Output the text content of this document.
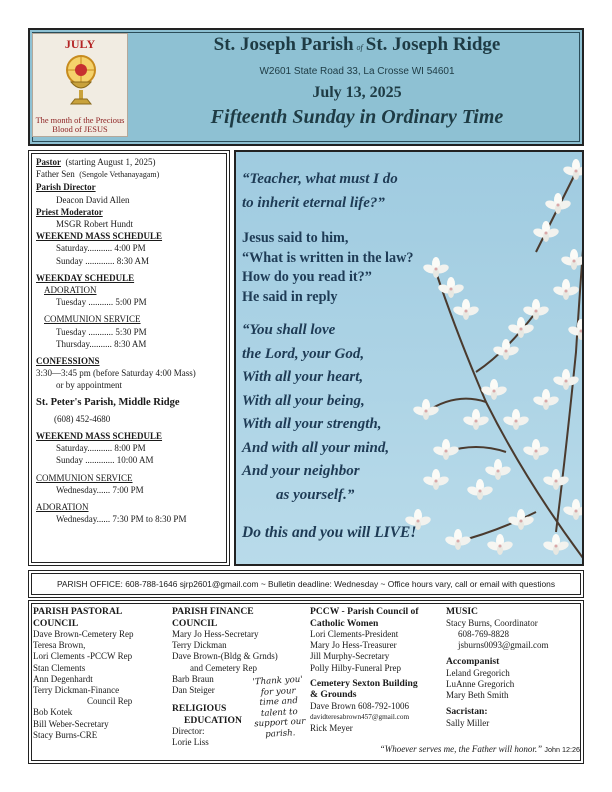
JULY
The month of the Precious Blood of JESUS
St. Joseph Parish of St. Joseph Ridge
W2601 State Road 33, La Crosse WI 54601
July 13, 2025
Fifteenth Sunday in Ordinary Time
Pastor (starting August 1, 2025)
Father Sen (Sengole Vethanayagam)
Parish Director
Deacon David Allen
Priest Moderator
MSGR Robert Hundt
WEEKEND MASS SCHEDULE
Saturday........... 4:00 PM
Sunday ............. 8:30 AM
WEEKDAY SCHEDULE
ADORATION
Tuesday ........... 5:00 PM
COMMUNION SERVICE
Tuesday ........... 5:30 PM
Thursday.......... 8:30 AM
CONFESSIONS
3:30—3:45 pm (before Saturday 4:00 Mass)
or by appointment
St. Peter's Parish, Middle Ridge
(608) 452-4680
WEEKEND MASS SCHEDULE
Saturday........... 8:00 PM
Sunday ............. 10:00 AM
COMMUNION SERVICE
Wednesday...... 7:00 PM
ADORATION
Wednesday...... 7:30 PM to 8:30 PM
“Teacher, what must I do
to inherit eternal life?”
Jesus said to him,
“What is written in the law?
How do you read it?”
He said in reply
“You shall love
the Lord, your God,
With all your heart,
With all your being,
With all your strength,
And with all your mind,
And your neighbor
as yourself.”
Do this and you will LIVE!
PARISH OFFICE: 608-788-1646 sjrp2601@gmail.com ~ Bulletin deadline: Wednesday ~ Office hours vary, call or email with questions
PARISH PASTORAL
COUNCIL
Dave Brown-Cemetery Rep
Teresa Brown,
Lori Clements -PCCW Rep
Stan Clements
Ann Degenhardt
Terry Dickman-Finance
Council Rep
Bob Kotek
Bill Weber-Secretary
Stacy Burns-CRE
PARISH FINANCE
COUNCIL
Mary Jo Hess-Secretary
Terry Dickman
Dave Brown-(Bldg & Grnds)
and Cemetery Rep
Barb Braun
Dan Steiger
RELIGIOUS
EDUCATION
Director:
Lorie Liss
'Thank you'
for your
time and
talent to
support our
parish.
PCCW - Parish Council of
Catholic Women
Lori Clements-President
Mary Jo Hess-Treasurer
Jill Murphy-Secretary
Polly Hilby-Funeral Prep
Cemetery Sexton Building
& Grounds
Dave Brown 608-792-1006
davidteresabrown457@gmail.com
Rick Meyer
MUSIC
Stacy Burns, Coordinator
608-769-8828
jsburns0093@gmail.com
Accompanist
Leland Gregorich
LuAnne Gregorich
Mary Beth Smith
Sacristan:
Sally Miller
“Whoever serves me, the Father will honor.” John 12:26
